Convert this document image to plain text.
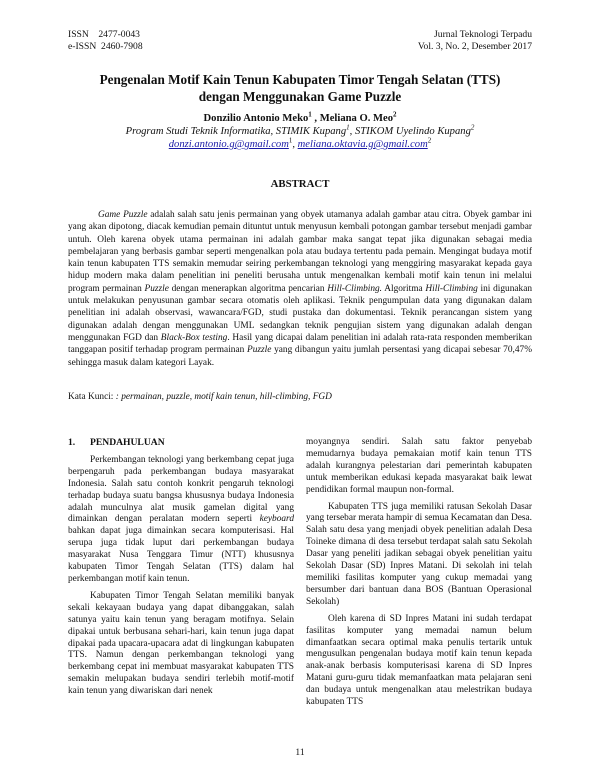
ISSN    2477-0043
e-ISSN  2460-7908
Jurnal Teknologi Terpadu
Vol. 3, No. 2, Desember 2017
Pengenalan Motif Kain Tenun Kabupaten Timor Tengah Selatan (TTS)
dengan Menggunakan Game Puzzle
Donzilio Antonio Meko$^1$ , Meliana O. Meo$^2$
Program Studi Teknik Informatika, STIMIK Kupang$^1$, STIKOM Uyelindo Kupang$^2$
donzi.antonio.g@gmail.com$^1$, meliana.oktavia.g@gmail.com$^2$
ABSTRACT
Game Puzzle adalah salah satu jenis permainan yang obyek utamanya adalah gambar atau citra. Obyek gambar ini yang akan dipotong, diacak kemudian pemain dituntut untuk menyusun kembali potongan gambar tersebut menjadi gambar untuh. Oleh karena obyek utama permainan ini adalah gambar maka sangat tepat jika digunakan sebagai media pembelajaran yang berbasis gambar seperti mengenalkan pola atau budaya tertentu pada pemain. Mengingat budaya motif kain tenun kabupaten TTS semakin memudar seiring perkembangan teknologi yang menggiring masyarakat kepada gaya hidup modern maka dalam penelitian ini peneliti berusaha untuk mengenalkan kembali motif kain tenun ini melalui program permainan Puzzle dengan menerapkan algoritma pencarian Hill-Climbing. Algoritma Hill-Climbing ini digunakan untuk melakukan penyusunan gambar secara otomatis oleh aplikasi. Teknik pengumpulan data yang digunakan dalam penelitian ini adalah observasi, wawancara/FGD, studi pustaka dan dokumentasi. Teknik perancangan sistem yang digunakan adalah dengan menggunakan UML sedangkan teknik pengujian sistem yang digunakan adalah dengan menggunakan FGD dan Black-Box testing. Hasil yang dicapai dalam penelitian ini adalah rata-rata responden memberikan tanggapan positif terhadap program permainan Puzzle yang dibangun yaitu jumlah persentasi yang dicapai sebesar 70,47% sehingga masuk dalam kategori Layak.
Kata Kunci: : permainan, puzzle, motif kain tenun, hill-climbing, FGD
1.	PENDAHULUAN

Perkembangan teknologi yang berkembang cepat juga berpengaruh pada perkembangan budaya masyarakat Indonesia. Salah satu contoh konkrit pengaruh teknologi terhadap budaya suatu bangsa khususnya budaya Indonesia adalah munculnya alat musik gamelan digital yang dimainkan dengan peralatan modern seperti keyboard bahkan dapat juga dimainkan secara komputerisasi. Hal serupa juga tidak luput dari perkembangan budaya masyarakat Nusa Tenggara Timur (NTT) khususnya kabupaten Timor Tengah Selatan (TTS) dalam hal perkembangan motif kain tenun.

Kabupaten Timor Tengah Selatan memiliki banyak sekali kekayaan budaya yang dapat dibanggakan, salah satunya yaitu kain tenun yang beragam motifnya. Selain dipakai untuk berbusana sehari-hari, kain tenun juga dapat dipakai pada upacara-upacara adat di lingkungan kabupaten TTS. Namun dengan perkembangan teknologi yang berkembang cepat ini membuat masyarakat kabupaten TTS semakin melupakan budaya sendiri terlebih motif-motif kain tenun yang diwariskan dari nenek

moyangnya sendiri. Salah satu faktor penyebab memudarnya budaya pemakaian motif kain tenun TTS adalah kurangnya pelestarian dari pemerintah kabupaten untuk memberikan edukasi kepada masyarakat baik lewat pendidikan formal maupun non-formal.

Kabupaten TTS juga memiliki ratusan Sekolah Dasar yang tersebar merata hampir di semua Kecamatan dan Desa. Salah satu desa yang menjadi obyek penelitian adalah Desa Toineke dimana di desa tersebut terdapat salah satu Sekolah Dasar yang peneliti jadikan sebagai obyek penelitian yaitu Sekolah Dasar (SD) Inpres Matani. Di sekolah ini telah memiliki fasilitas komputer yang cukup memadai yang bersumber dari bantuan dana BOS (Bantuan Operasional Sekolah)

Oleh karena di SD Inpres Matani ini sudah terdapat fasilitas komputer yang memadai namun belum dimanfaatkan secara optimal maka penulis tertarik untuk mengusulkan pengenalan budaya motif kain tenun kepada anak-anak berbasis komputerisasi karena di SD Inpres Matani guru-guru tidak memanfaatkan mata pelajaran seni dan budaya untuk mengenalkan atau melestrikan budaya kabupaten TTS

11
